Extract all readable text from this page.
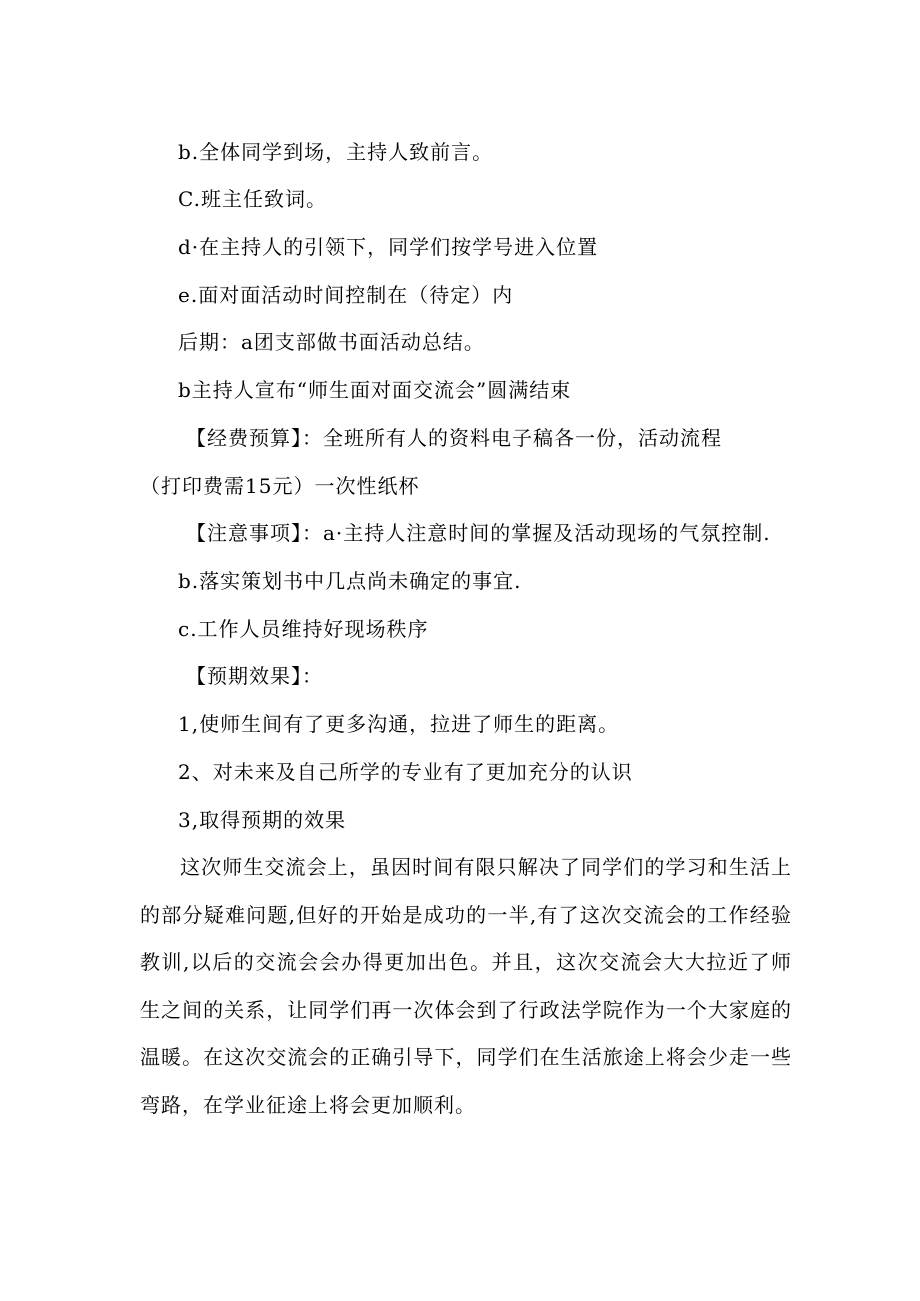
b.全体同学到场，主持人致前言。
C.班主任致词。
d·在主持人的引领下，同学们按学号进入位置
e.面对面活动时间控制在（待定）内
后期：a团支部做书面活动总结。
b主持人宣布“师生面对面交流会”圆满结束
【经费预算】：全班所有人的资料电子稿各一份，活动流程
（打印费需15元）一次性纸杯
【注意事项】：a·主持人注意时间的掌握及活动现场的气氛控制.
b.落实策划书中几点尚未确定的事宜.
c.工作人员维持好现场秩序
【预期效果】：
1,使师生间有了更多沟通，拉进了师生的距离。
2、对未来及自己所学的专业有了更加充分的认识
3,取得预期的效果
这次师生交流会上，虽因时间有限只解决了同学们的学习和生活上的部分疑难问题,但好的开始是成功的一半,有了这次交流会的工作经验教训,以后的交流会会办得更加出色。并且，这次交流会大大拉近了师生之间的关系，让同学们再一次体会到了行政法学院作为一个大家庭的温暖。在这次交流会的正确引导下，同学们在生活旅途上将会少走一些弯路，在学业征途上将会更加顺利。
